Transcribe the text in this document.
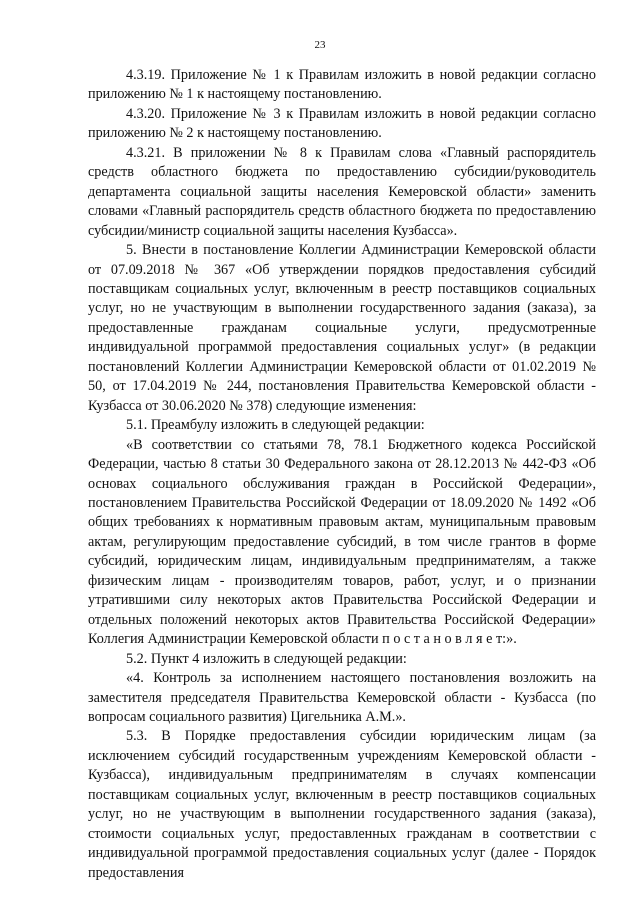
23

4.3.19. Приложение № 1 к Правилам изложить в новой редакции согласно приложению № 1 к настоящему постановлению.

4.3.20. Приложение № 3 к Правилам изложить в новой редакции согласно приложению № 2 к настоящему постановлению.

4.3.21. В приложении № 8 к Правилам слова «Главный распорядитель средств областного бюджета по предоставлению субсидии/руководитель департамента социальной защиты населения Кемеровской области» заменить словами «Главный распорядитель средств областного бюджета по предоставлению субсидии/министр социальной защиты населения Кузбасса».

5. Внести в постановление Коллегии Администрации Кемеровской области от 07.09.2018 № 367 «Об утверждении порядков предоставления субсидий поставщикам социальных услуг, включенным в реестр поставщиков социальных услуг, но не участвующим в выполнении государственного задания (заказа), за предоставленные гражданам социальные услуги, предусмотренные индивидуальной программой предоставления социальных услуг» (в редакции постановлений Коллегии Администрации Кемеровской области от 01.02.2019 № 50, от 17.04.2019 № 244, постановления Правительства Кемеровской области - Кузбасса от 30.06.2020 № 378) следующие изменения:

5.1. Преамбулу изложить в следующей редакции:

«В соответствии со статьями 78, 78.1 Бюджетного кодекса Российской Федерации, частью 8 статьи 30 Федерального закона от 28.12.2013 № 442-ФЗ «Об основах социального обслуживания граждан в Российской Федерации», постановлением Правительства Российской Федерации от 18.09.2020 № 1492 «Об общих требованиях к нормативным правовым актам, муниципальным правовым актам, регулирующим предоставление субсидий, в том числе грантов в форме субсидий, юридическим лицам, индивидуальным предпринимателям, а также физическим лицам - производителям товаров, работ, услуг, и о признании утратившими силу некоторых актов Правительства Российской Федерации и отдельных положений некоторых актов Правительства Российской Федерации» Коллегия Администрации Кемеровской области п о с т а н о в л я е т:».

5.2. Пункт 4 изложить в следующей редакции:

«4. Контроль за исполнением настоящего постановления возложить на заместителя председателя Правительства Кемеровской области - Кузбасса (по вопросам социального развития) Цигельника А.М.».

5.3. В Порядке предоставления субсидии юридическим лицам (за исключением субсидий государственным учреждениям Кемеровской области - Кузбасса), индивидуальным предпринимателям в случаях компенсации поставщикам социальных услуг, включенным в реестр поставщиков социальных услуг, но не участвующим в выполнении государственного задания (заказа), стоимости социальных услуг, предоставленных гражданам в соответствии с индивидуальной программой предоставления социальных услуг (далее - Порядок предоставления
